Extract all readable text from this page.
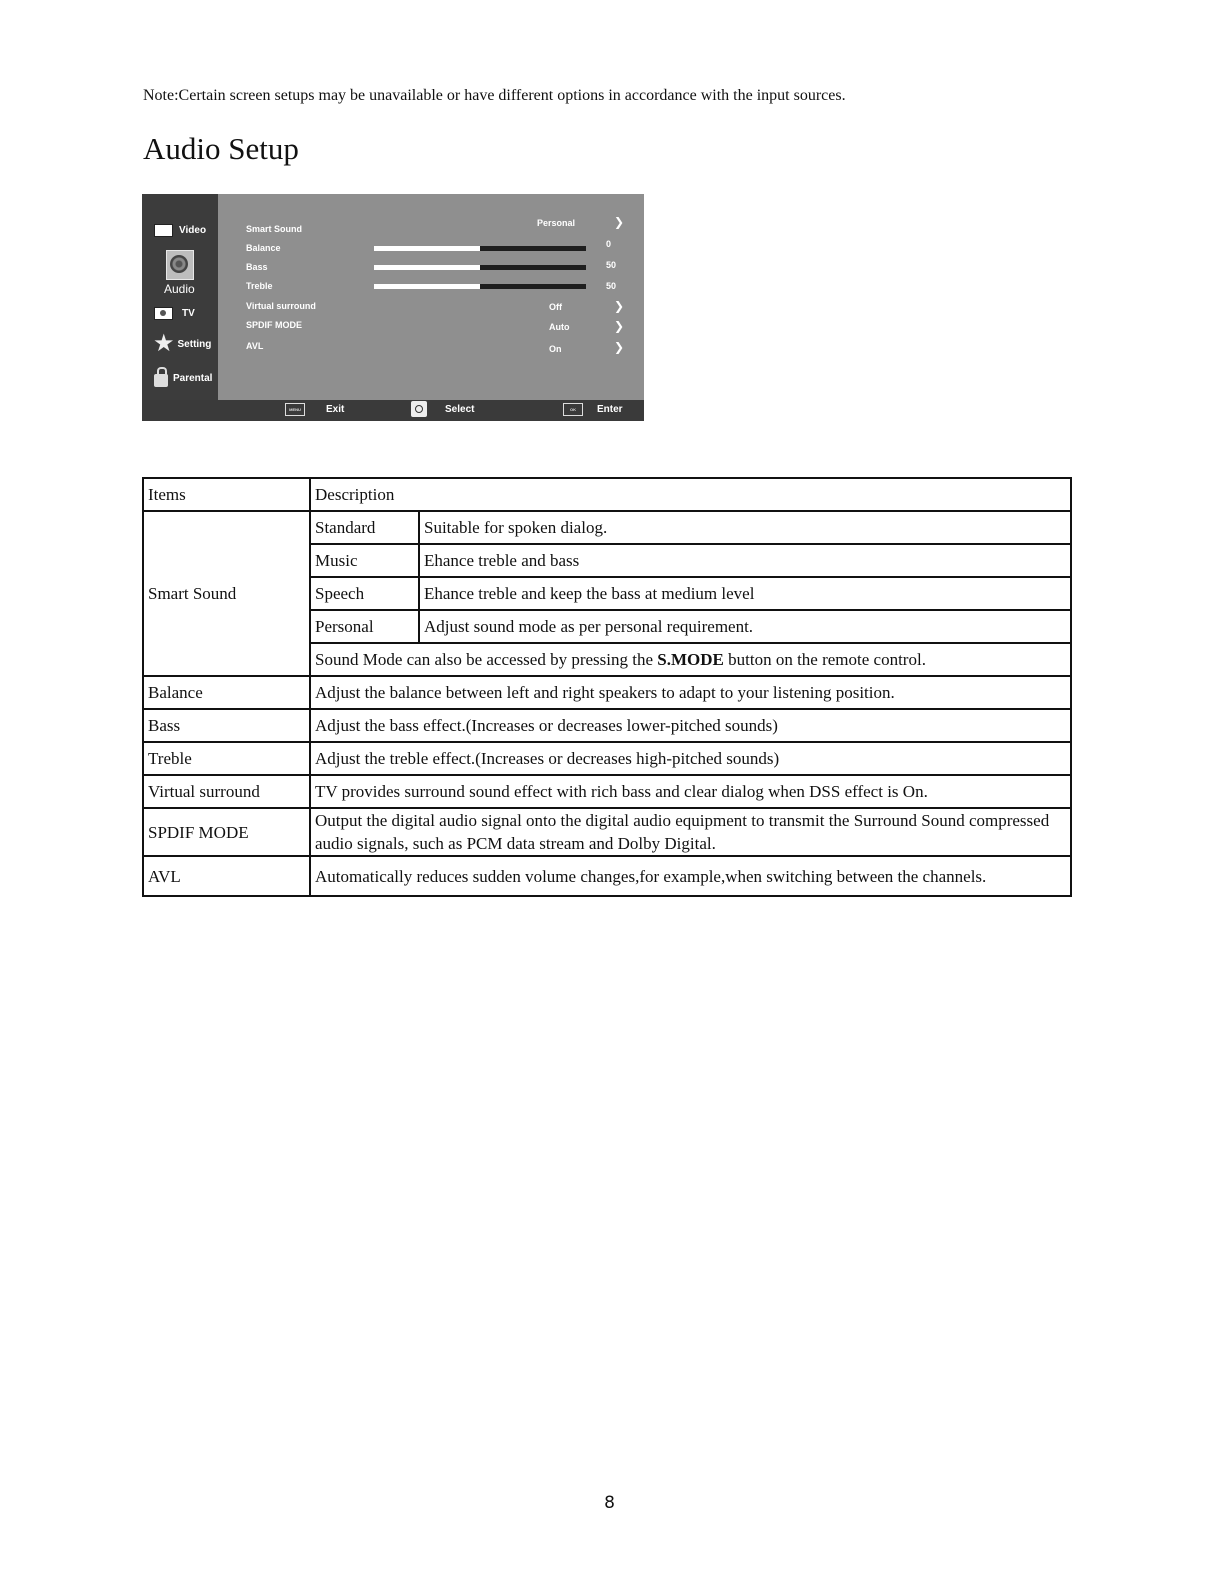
Note:Certain screen setups may be unavailable or have different options in accordance with the input sources.
Audio Setup
Video
Audio
TV
★ Setting
Parental
Smart Sound
Personal	❯
Balance	0
Bass	50
Treble	50
Virtual surround	Off	❯
SPDIF MODE	Auto	❯
AVL	On	❯
MENU	Exit	Select	OK	Enter
Items	Description	
Smart Sound	Standard	Suitable for spoken dialog.
	Music	Ehance treble and bass
	Speech	Ehance treble and keep the bass at medium level
	Personal	Adjust sound mode as per personal requirement.
	Sound Mode can also be accessed by pressing the S.MODE button on the remote control.	
Balance	Adjust the balance between left and right speakers to adapt to your listening position.	
Bass	Adjust the bass effect.(Increases or decreases lower-pitched sounds)	
Treble	Adjust the treble effect.(Increases or decreases high-pitched sounds)	
Virtual surround	TV provides surround sound effect with rich bass and clear dialog when DSS effect is On.	
SPDIF MODE	Output the digital audio signal onto the digital audio equipment to transmit the Surround Sound compressed audio signals, such as PCM data stream and Dolby Digital.	
AVL	Automatically reduces sudden volume changes,for example,when switching between the channels.	
8
